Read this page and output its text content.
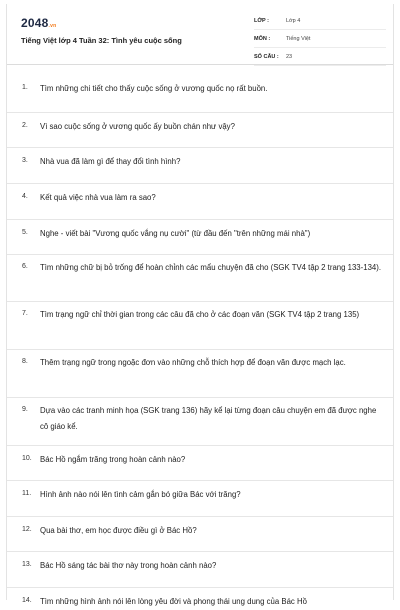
2048.vn
Tiếng Việt lớp 4 Tuần 32: Tình yêu cuộc sống
LỚP :	Lớp 4
MÔN :	Tiếng Việt
SỐ CÂU : 23
1. Tìm những chi tiết cho thấy cuộc sống ở vương quốc nọ rất buồn.
2. Vì sao cuộc sống ở vương quốc ấy buồn chán như vậy?
3. Nhà vua đã làm gì để thay đổi tình hình?
4. Kết quả việc nhà vua làm ra sao?
5. Nghe - viết bài "Vương quốc vắng nụ cười" (từ đầu đến "trên những mái nhà")
6. Tìm những chữ bị bỏ trống để hoàn chỉnh các mẩu chuyện đã cho (SGK TV4 tập 2 trang 133-134).
7. Tìm trạng ngữ chỉ thời gian trong các câu đã cho ở các đoạn văn (SGK TV4 tập 2 trang 135)
8. Thêm trạng ngữ trong ngoặc đơn vào những chỗ thích hợp để đoạn văn được mạch lạc.
9. Dựa vào các tranh minh họa (SGK trang 136) hãy kể lại từng đoạn câu chuyện em đã được nghe cô giáo kể.
10. Bác Hồ ngắm trăng trong hoàn cảnh nào?
11. Hình ảnh nào nói lên tình cảm gắn bó giữa Bác với trăng?
12. Qua bài thơ, em học được điều gì ở Bác Hồ?
13. Bác Hồ sáng tác bài thơ này trong hoàn cảnh nào?
14. Tìm những hình ảnh nói lên lòng yêu đời và phong thái ung dung của Bác Hồ
